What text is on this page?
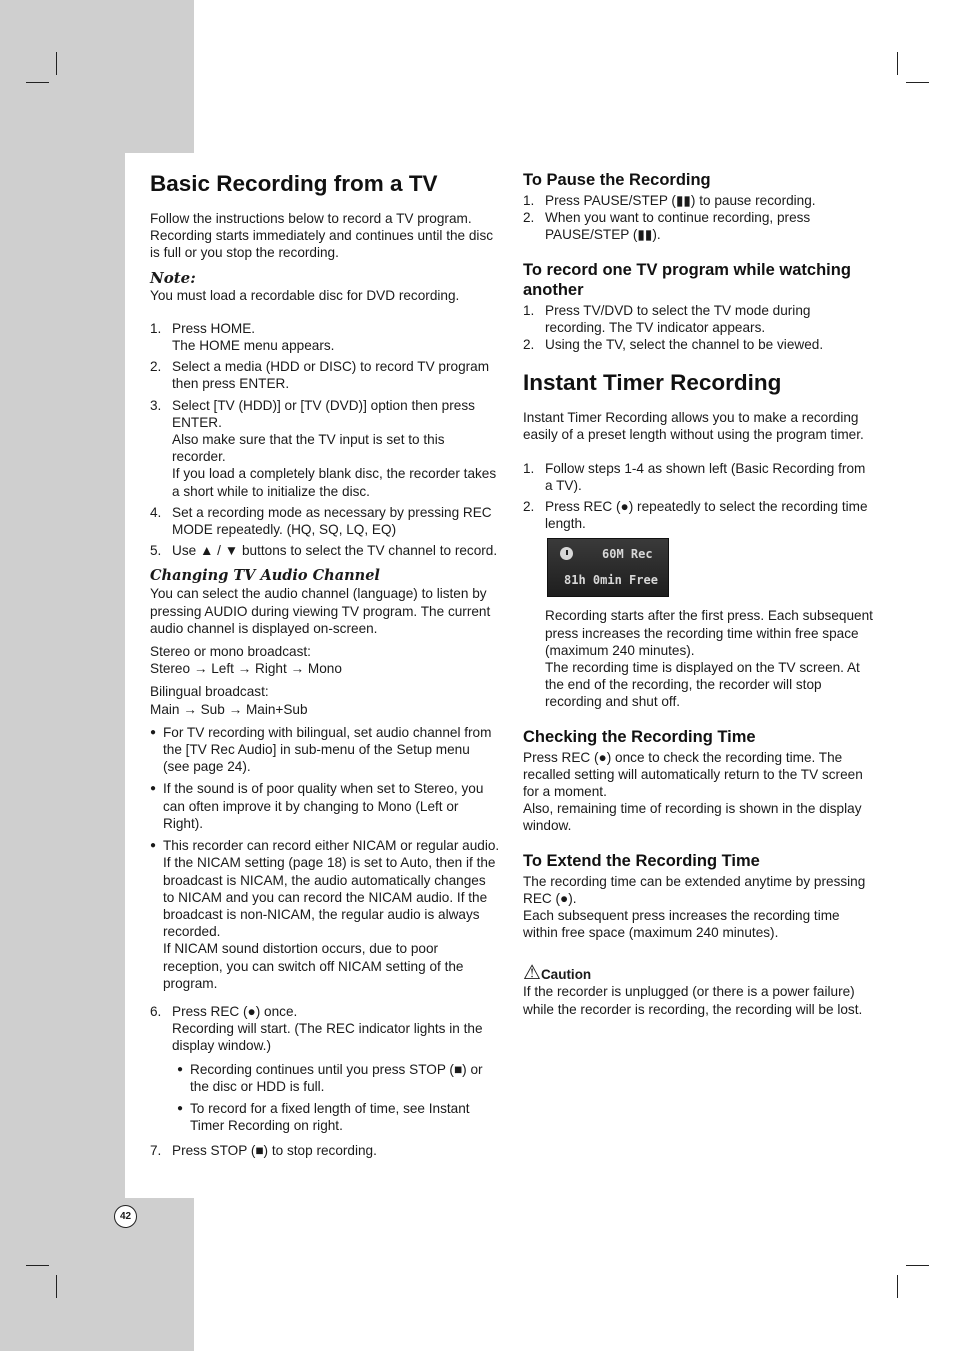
Basic Recording from a TV

Follow the instructions below to record a TV program. Recording starts immediately and continues until the disc is full or you stop the recording.

Note:

You must load a recordable disc for DVD recording.

1. Press HOME.
The HOME menu appears.
2. Select a media (HDD or DISC) to record TV program then press ENTER.
3. Select [TV (HDD)] or [TV (DVD)] option then press ENTER.
Also make sure that the TV input is set to this recorder.
If you load a completely blank disc, the recorder takes a short while to initialize the disc.
4. Set a recording mode as necessary by pressing REC MODE repeatedly. (HQ, SQ, LQ, EQ)
5. Use ▲ / ▼ buttons to select the TV channel to record.
Changing TV Audio Channel

You can select the audio channel (language) to listen by pressing AUDIO during viewing TV program. The current audio channel is displayed on-screen.

Stereo or mono broadcast:

Stereo → Left → Right → Mono

Bilingual broadcast:

Main → Sub → Main+Sub

● For TV recording with bilingual, set audio channel from the [TV Rec Audio] in sub-menu of the Setup menu (see page 24).
● If the sound is of poor quality when set to Stereo, you can often improve it by changing to Mono (Left or Right).
● This recorder can record either NICAM or regular audio. If the NICAM setting (page 18) is set to Auto, then if the broadcast is NICAM, the audio automatically changes to NICAM and you can record the NICAM audio. If the broadcast is non-NICAM, the regular audio is always recorded.
If NICAM sound distortion occurs, due to poor reception, you can switch off NICAM setting of the program.
6. Press REC (●) once.
Recording will start. (The REC indicator lights in the display window.)
● Recording continues until you press STOP (■) or the disc or HDD is full.
● To record for a fixed length of time, see Instant Timer Recording on right.
7. Press STOP (■) to stop recording.
To Pause the Recording
1. Press PAUSE/STEP (▮▮) to pause recording.
2. When you want to continue recording, press PAUSE/STEP (▮▮).
To record one TV program while watching another
1. Press TV/DVD to select the TV mode during recording. The TV indicator appears.
2. Using the TV, select the channel to be viewed.
Instant Timer Recording

Instant Timer Recording allows you to make a recording easily of a preset length without using the program timer.

1. Follow steps 1-4 as shown left (Basic Recording from a TV).
2. Press REC (●) repeatedly to select the recording time length.
60M Rec
81h 0min Free

Recording starts after the first press. Each subsequent press increases the recording time within free space (maximum 240 minutes).

The recording time is displayed on the TV screen. At the end of the recording, the recorder will stop recording and shut off.

Checking the Recording Time

Press REC (●) once to check the recording time. The recalled setting will automatically return to the TV screen for a moment.

Also, remaining time of recording is shown in the display window.

To Extend the Recording Time

The recording time can be extended anytime by pressing REC (●).

Each subsequent press increases the recording time within free space (maximum 240 minutes).

⚠Caution

If the recorder is unplugged (or there is a power failure) while the recorder is recording, the recording will be lost.

42
